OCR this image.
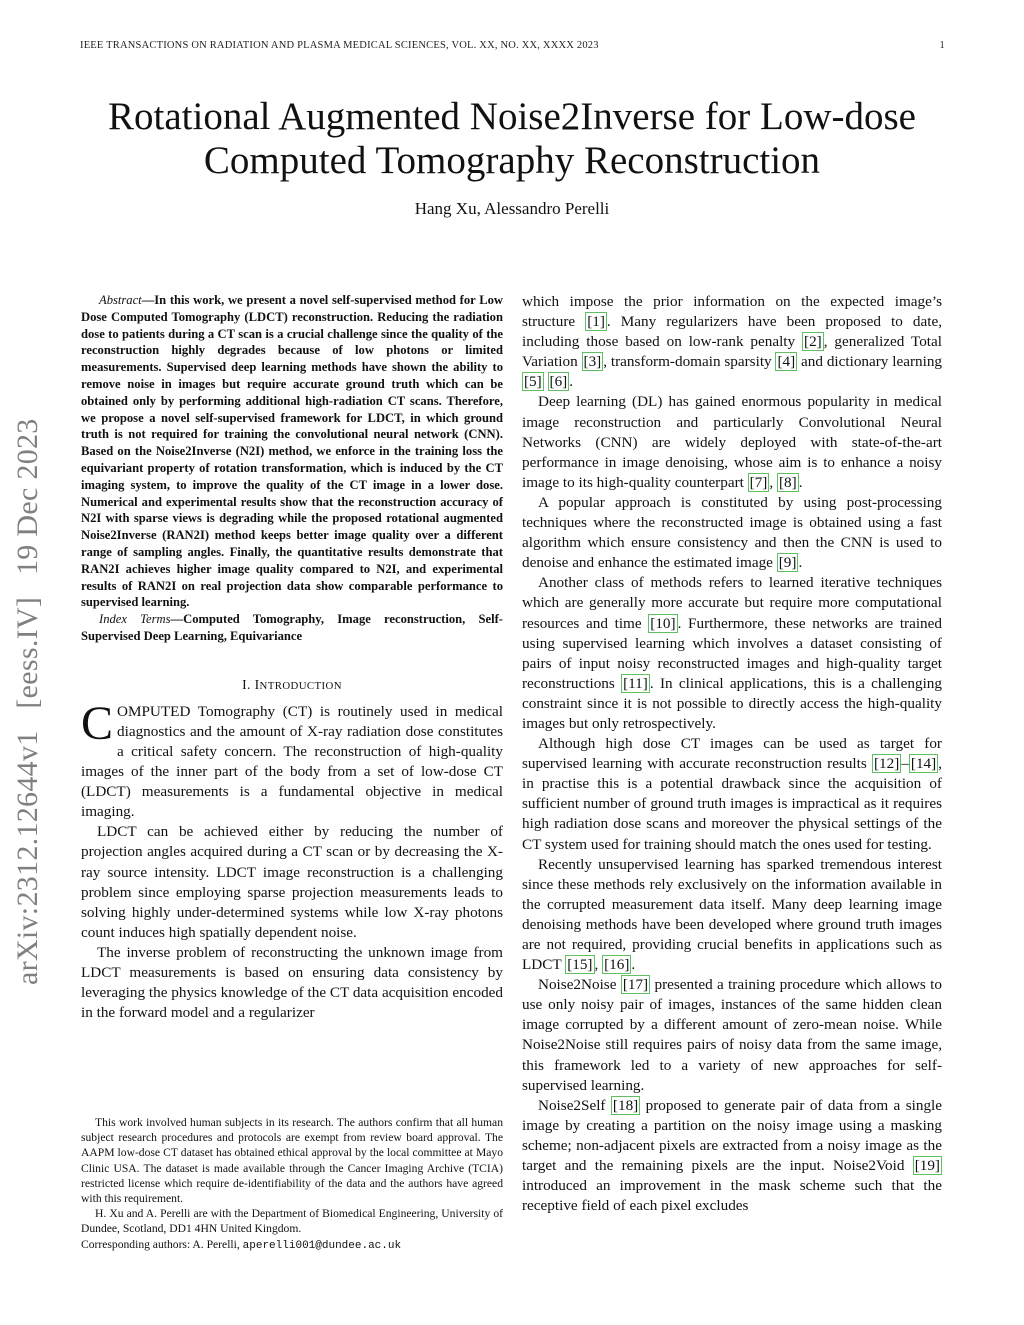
IEEE TRANSACTIONS ON RADIATION AND PLASMA MEDICAL SCIENCES, VOL. XX, NO. XX, XXXX 2023	1
arXiv:2312.12644v1 [eess.IV] 19 Dec 2023
Rotational Augmented Noise2Inverse for Low-dose Computed Tomography Reconstruction
Hang Xu, Alessandro Perelli

Abstract—In this work, we present a novel self-supervised method for Low Dose Computed Tomography (LDCT) reconstruction. Reducing the radiation dose to patients during a CT scan is a crucial challenge since the quality of the reconstruction highly degrades because of low photons or limited measurements. Supervised deep learning methods have shown the ability to remove noise in images but require accurate ground truth which can be obtained only by performing additional high-radiation CT scans. Therefore, we propose a novel self-supervised framework for LDCT, in which ground truth is not required for training the convolutional neural network (CNN). Based on the Noise2Inverse (N2I) method, we enforce in the training loss the equivariant property of rotation transformation, which is induced by the CT imaging system, to improve the quality of the CT image in a lower dose. Numerical and experimental results show that the reconstruction accuracy of N2I with sparse views is degrading while the proposed rotational augmented Noise2Inverse (RAN2I) method keeps better image quality over a different range of sampling angles. Finally, the quantitative results demonstrate that RAN2I achieves higher image quality compared to N2I, and experimental results of RAN2I on real projection data show comparable performance to supervised learning.

Index Terms—Computed Tomography, Image reconstruction, Self-Supervised Deep Learning, Equivariance

I. INTRODUCTION

COMPUTED Tomography (CT) is routinely used in medical diagnostics and the amount of X-ray radiation dose constitutes a critical safety concern. The reconstruction of high-quality images of the inner part of the body from a set of low-dose CT (LDCT) measurements is a fundamental objective in medical imaging.

LDCT can be achieved either by reducing the number of projection angles acquired during a CT scan or by decreasing the X-ray source intensity. LDCT image reconstruction is a challenging problem since employing sparse projection measurements leads to solving highly under-determined systems while low X-ray photons count induces high spatially dependent noise.

The inverse problem of reconstructing the unknown image from LDCT measurements is based on ensuring data consistency by leveraging the physics knowledge of the CT data acquisition encoded in the forward model and a regularizer

which impose the prior information on the expected image’s structure [1] . Many regularizers have been proposed to date, including those based on low-rank penalty [2] , generalized Total Variation [3] , transform-domain sparsity [4] and dictionary learning [5] [6] .

Deep learning (DL) has gained enormous popularity in medical image reconstruction and particularly Convolutional Neural Networks (CNN) are widely deployed with state-of-the-art performance in image denoising, whose aim is to enhance a noisy image to its high-quality counterpart [7] , [8] .

A popular approach is constituted by using post-processing techniques where the reconstructed image is obtained using a fast algorithm which ensure consistency and then the CNN is used to denoise and enhance the estimated image [9] .

Another class of methods refers to learned iterative techniques which are generally more accurate but require more computational resources and time [10] . Furthermore, these networks are trained using supervised learning which involves a dataset consisting of pairs of input noisy reconstructed images and high-quality target reconstructions [11] . In clinical applications, this is a challenging constraint since it is not possible to directly access the high-quality images but only retrospectively.

Although high dose CT images can be used as target for supervised learning with accurate reconstruction results [12] – [14] , in practise this is a potential drawback since the acquisition of sufficient number of ground truth images is impractical as it requires high radiation dose scans and moreover the physical settings of the CT system used for training should match the ones used for testing.

Recently unsupervised learning has sparked tremendous interest since these methods rely exclusively on the information available in the corrupted measurement data itself. Many deep learning image denoising methods have been developed where ground truth images are not required, providing crucial benefits in applications such as LDCT [15] , [16] .

Noise2Noise [17] presented a training procedure which allows to use only noisy pair of images, instances of the same hidden clean image corrupted by a different amount of zero-mean noise. While Noise2Noise still requires pairs of noisy data from the same image, this framework led to a variety of new approaches for self-supervised learning.

Noise2Self [18] proposed to generate pair of data from a single image by creating a partition on the noisy image using a masking scheme; non-adjacent pixels are extracted from a noisy image as the target and the remaining pixels are the input. Noise2Void [19] introduced an improvement in the mask scheme such that the receptive field of each pixel excludes

This work involved human subjects in its research. The authors confirm that all human subject research procedures and protocols are exempt from review board approval. The AAPM low-dose CT dataset has obtained ethical approval by the local committee at Mayo Clinic USA. The dataset is made available through the Cancer Imaging Archive (TCIA) restricted license which require de-identifiability of the data and the authors have agreed with this requirement.

H. Xu and A. Perelli are with the Department of Biomedical Engineering, University of Dundee, Scotland, DD1 4HN United Kingdom.

Corresponding authors: A. Perelli, aperelli001@dundee.ac.uk
